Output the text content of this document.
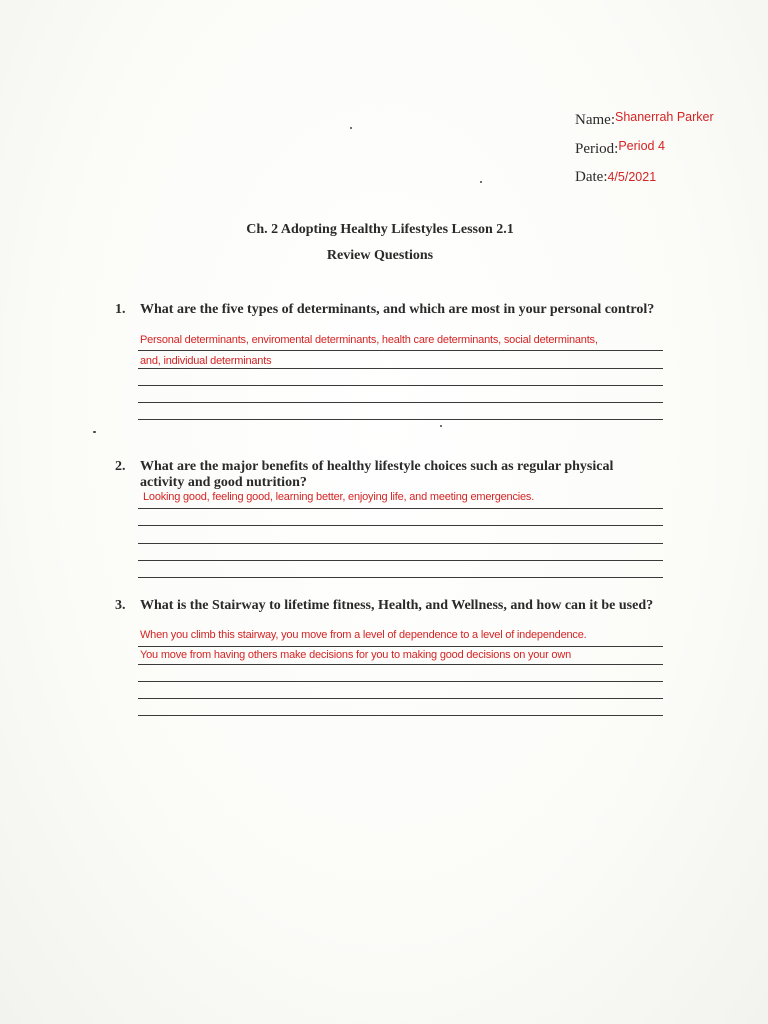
Name:$^{Shanerrah Parker}$
Period:$^{Period 4}$
Date:4/5/2021
Ch. 2 Adopting Healthy Lifestyles Lesson 2.1
Review Questions
1.	What are the five types of determinants, and which are most in your personal control?
Personal determinants, enviromental determinants, health care determinants, social determinants,
and, individual determinants
2.	What are the major benefits of healthy lifestyle choices such as regular physical activity and good nutrition?
Looking good, feeling good, learning better, enjoying life, and meeting emergencies.
3.	What is the Stairway to lifetime fitness, Health, and Wellness, and how can it be used?
When you climb this stairway, you move from a level of dependence to a level of independence.
You move from having others make decisions for you to making good decisions on your own
